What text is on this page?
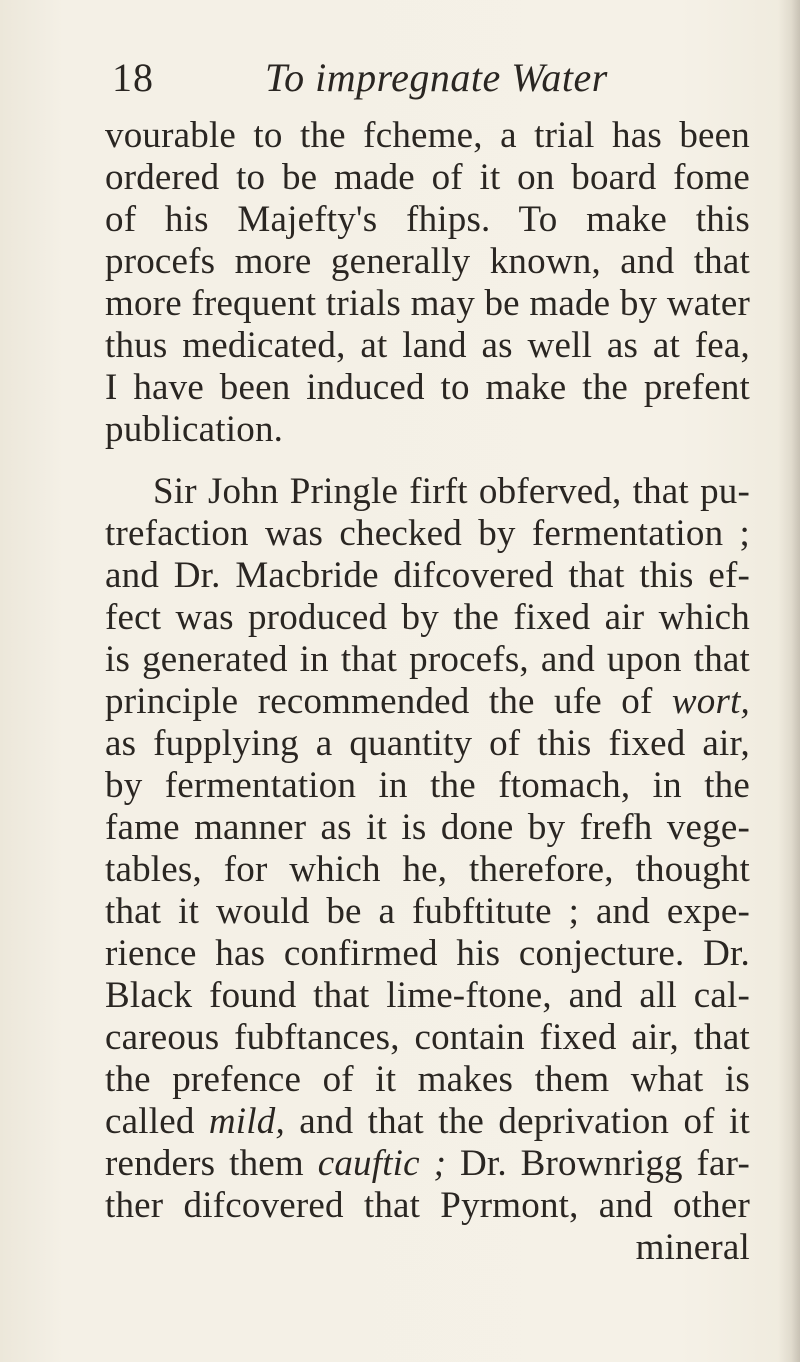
18	To impregnate Water
vourable to the fcheme, a trial has been
ordered to be made of it on board fome
of his Majefty's fhips. To make this
procefs more generally known, and that
more frequent trials may be made by water
thus medicated, at land as well as at fea,
I have been induced to make the prefent
publication.
Sir John Pringle firft obferved, that pu-
trefaction was checked by fermentation ;
and Dr. Macbride difcovered that this ef-
fect was produced by the fixed air which
is generated in that procefs, and upon that
principle recommended the ufe of wort,
as fupplying a quantity of this fixed air,
by fermentation in the ftomach, in the
fame manner as it is done by frefh vege-
tables, for which he, therefore, thought
that it would be a fubftitute ; and expe-
rience has confirmed his conjecture. Dr.
Black found that lime-ftone, and all cal-
careous fubftances, contain fixed air, that
the prefence of it makes them what is
called mild, and that the deprivation of it
renders them cauftic ; Dr. Brownrigg far-
ther difcovered that Pyrmont, and other
mineral
